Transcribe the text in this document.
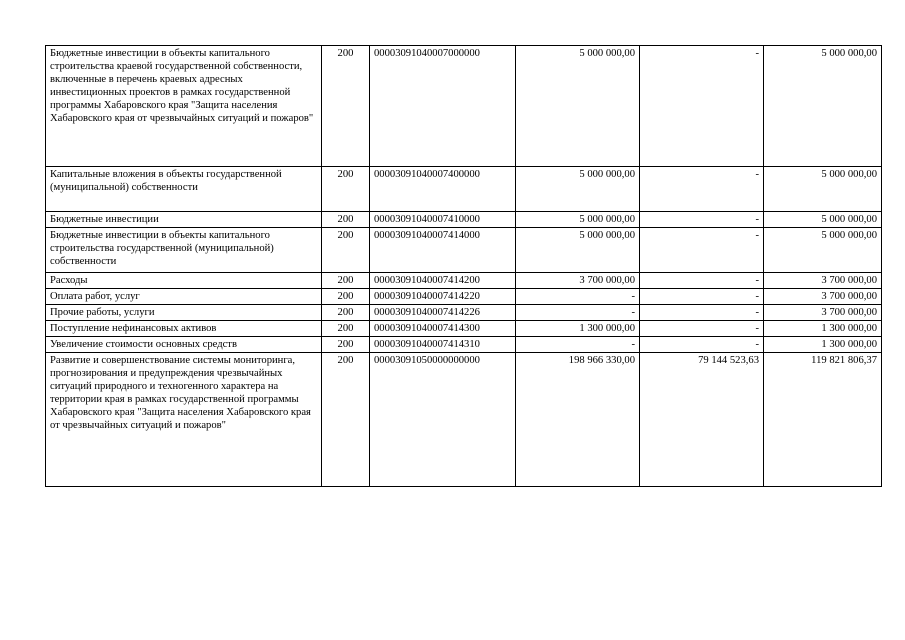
Бюджетные инвестиции в объекты капитального строительства краевой государственной собственности, включенные в перечень краевых адресных инвестиционных проектов в рамках государственной программы Хабаровского края "Защита населения Хабаровского края от чрезвычайных ситуаций и пожаров"	200	00003091040007000000	5 000 000,00	-	5 000 000,00
Капитальные вложения в объекты государственной (муниципальной) собственности	200	00003091040007400000	5 000 000,00	-	5 000 000,00
Бюджетные инвестиции	200	00003091040007410000	5 000 000,00	-	5 000 000,00
Бюджетные инвестиции в объекты капитального строительства государственной (муниципальной) собственности	200	00003091040007414000	5 000 000,00	-	5 000 000,00
Расходы	200	00003091040007414200	3 700 000,00	-	3 700 000,00
Оплата работ, услуг	200	00003091040007414220	-	-	3 700 000,00
Прочие работы, услуги	200	00003091040007414226	-	-	3 700 000,00
Поступление нефинансовых активов	200	00003091040007414300	1 300 000,00	-	1 300 000,00
Увеличение стоимости основных средств	200	00003091040007414310	-	-	1 300 000,00
Развитие и совершенствование системы мониторинга, прогнозирования и предупреждения чрезвычайных ситуаций природного и техногенного характера на территории края в рамках государственной программы Хабаровского края "Защита населения Хабаровского края от чрезвычайных ситуаций и пожаров"	200	00003091050000000000	198 966 330,00	79 144 523,63	119 821 806,37
